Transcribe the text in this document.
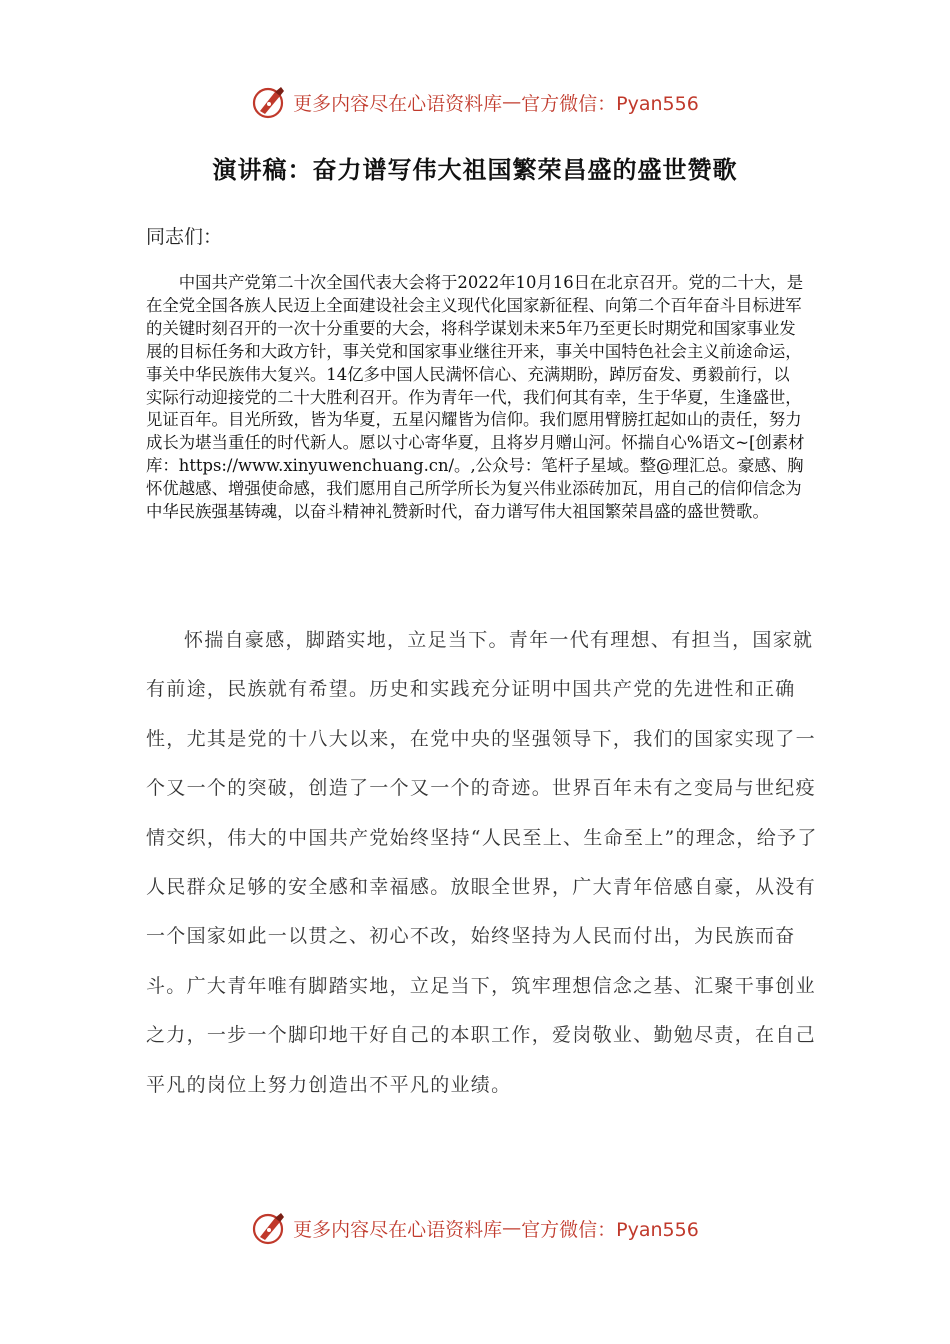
更多内容尽在心语资料库 — 官方微信：Pyan556
演讲稿：奋力谱写伟大祖国繁荣昌盛的盛世赞歌
同志们：

中国共产党第二十次全国代表大会将于2022年10月16日在北京召开。党的二十大，是在全党全国各族人民迈上全面建设社会主义现代化国家新征程、向第二个百年奋斗目标进军的关键时刻召开的一次十分重要的大会，将科学谋划未来5年乃至更长时期党和国家事业发展的目标任务和大政方针，事关党和国家事业继往开来，事关中国特色社会主义前途命运，事关中华民族伟大复兴。14亿多中国人民满怀信心、充满期盼，踔厉奋发、勇毅前行，以实际行动迎接党的二十大胜利召开。作为青年一代，我们何其有幸，生于华夏，生逢盛世，见证百年。目光所致，皆为华夏，五星闪耀皆为信仰。我们愿用臂膀扛起如山的责任，努力成长为堪当重任的时代新人。愿以寸心寄华夏，且将岁月赠山河。怀揣自心%语文~[创素材库：https://www.xinyuwenchuang.cn/。,公众号：笔杆子星域。整@理汇总。豪感、胸怀优越感、增强使命感，我们愿用自己所学所长为复兴伟业添砖加瓦，用自己的信仰信念为中华民族强基铸魂，以奋斗精神礼赞新时代，奋力谱写伟大祖国繁荣昌盛的盛世赞歌。

怀揣自豪感，脚踏实地，立足当下。青年一代有理想、有担当，国家就有前途，民族就有希望。历史和实践充分证明中国共产党的先进性和正确性，尤其是党的十八大以来，在党中央的坚强领导下，我们的国家实现了一个又一个的突破，创造了一个又一个的奇迹。世界百年未有之变局与世纪疫情交织，伟大的中国共产党始终坚持“人民至上、生命至上”的理念，给予了人民群众足够的安全感和幸福感。放眼全世界，广大青年倍感自豪，从没有一个国家如此一以贯之、初心不改，始终坚持为人民而付出，为民族而奋斗。广大青年唯有脚踏实地，立足当下，筑牢理想信念之基、汇聚干事创业之力，一步一个脚印地干好自己的本职工作，爱岗敬业、勤勉尽责，在自己平凡的岗位上努力创造出不平凡的业绩。

更多内容尽在心语资料库 — 官方微信：Pyan556
